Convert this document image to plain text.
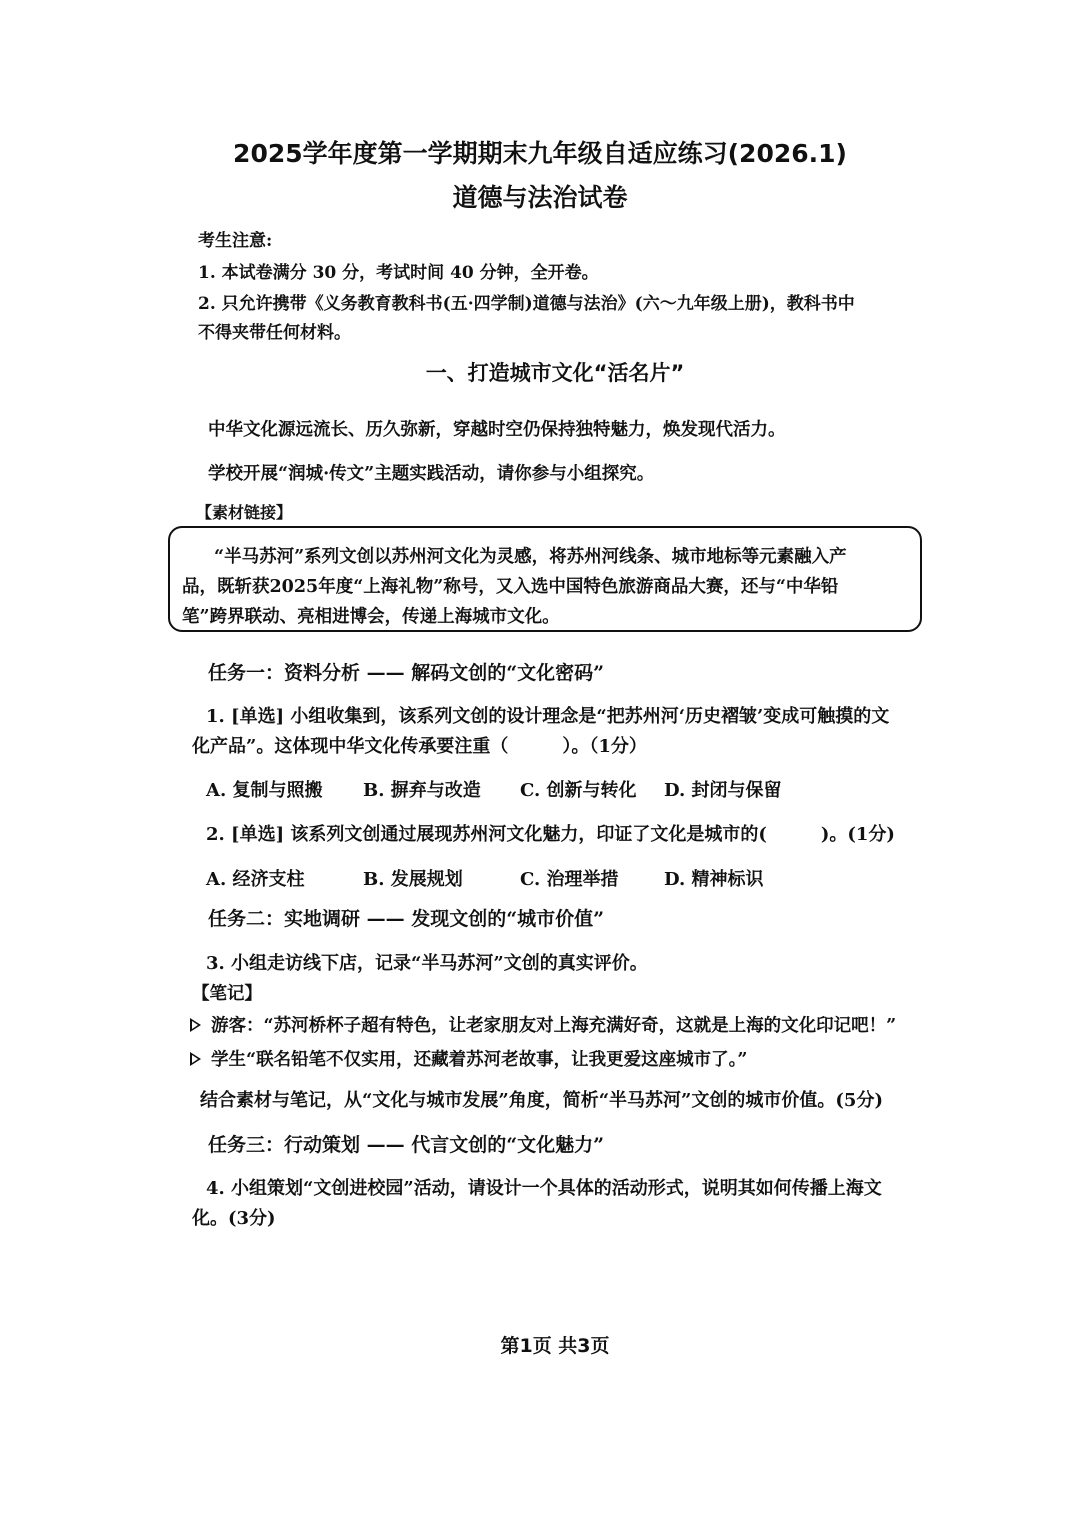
2025学年度第一学期期末九年级自适应练习(2026.1)
道德与法治试卷
考生注意:
1. 本试卷满分 30 分，考试时间 40 分钟，全开卷。
2. 只允许携带《义务教育教科书(五·四学制)道德与法治》(六～九年级上册)，教科书中
不得夹带任何材料。
一、打造城市文化“活名片”
中华文化源远流长、历久弥新，穿越时空仍保持独特魅力，焕发现代活力。
学校开展“润城·传文”主题实践活动，请你参与小组探究。
【素材链接】
“半马苏河”系列文创以苏州河文化为灵感，将苏州河线条、城市地标等元素融入产
品，既斩获2025年度“上海礼物”称号，又入选中国特色旅游商品大赛，还与“中华铅
笔”跨界联动、亮相进博会，传递上海城市文化。
任务一：资料分析 —— 解码文创的“文化密码”
1. [单选] 小组收集到，该系列文创的设计理念是“把苏州河‘历史褶皱’变成可触摸的文
化产品”。这体现中华文化传承要注重（　　　）。（1分）
A. 复制与照搬 B. 摒弃与改造 C. 创新与转化 D. 封闭与保留
2. [单选] 该系列文创通过展现苏州河文化魅力，印证了文化是城市的(　　　)。(1分)
A. 经济支柱	B. 发展规划	C. 治理举措	D. 精神标识
任务二：实地调研 —— 发现文创的“城市价值”
3. 小组走访线下店，记录“半马苏河”文创的真实评价。
【笔记】
游客：“苏河桥杯子超有特色，让老家朋友对上海充满好奇，这就是上海的文化印记吧！”
学生“联名铅笔不仅实用，还藏着苏河老故事，让我更爱这座城市了。”
结合素材与笔记，从“文化与城市发展”角度，简析“半马苏河”文创的城市价值。(5分)
任务三：行动策划 —— 代言文创的“文化魅力”
4. 小组策划“文创进校园”活动，请设计一个具体的活动形式，说明其如何传播上海文
化。(3分)
第1页 共3页
